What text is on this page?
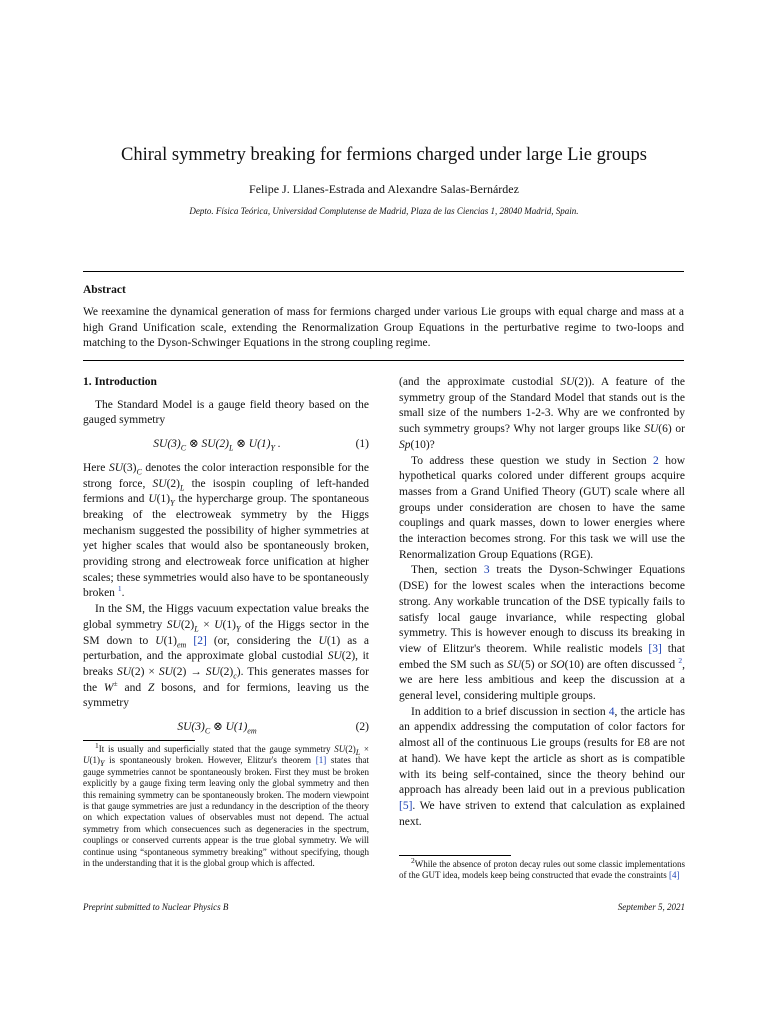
Chiral symmetry breaking for fermions charged under large Lie groups
Felipe J. Llanes-Estrada and Alexandre Salas-Bernárdez
Depto. Física Teórica, Universidad Complutense de Madrid, Plaza de las Ciencias 1, 28040 Madrid, Spain.
Abstract
We reexamine the dynamical generation of mass for fermions charged under various Lie groups with equal charge and mass at a high Grand Unification scale, extending the Renormalization Group Equations in the perturbative regime to two-loops and matching to the Dyson-Schwinger Equations in the strong coupling regime.

1. Introduction

The Standard Model is a gauge field theory based on the gauged symmetry

$SU(3)_C$ ⊗ $SU(2)_L$ ⊗ $U(1)_Y$ .	(1)

Here $SU(3)_C$ denotes the color interaction responsible for the strong force, $SU(2)_L$ the isospin coupling of left-handed fermions and $U(1)_Y$ the hypercharge group. The spontaneous breaking of the electroweak symmetry by the Higgs mechanism suggested the possibility of higher symmetries at yet higher scales that would also be spontaneously broken, providing strong and electroweak force unification at higher scales; these symmetries would also have to be spontaneously broken $^1$.

In the SM, the Higgs vacuum expectation value breaks the global symmetry $SU(2)_L \times U(1)_Y$ of the Higgs sector in the SM down to $U(1)_{em}$ [2] (or, considering the U(1) as a perturbation, and the approximate global custodial SU(2), it breaks $SU(2) \times SU(2) \to SU(2)_c$). This generates masses for the W± and Z bosons, and for fermions, leaving us the symmetry

$SU(3)_C$ ⊗ $U(1)_{em}$	(2)
$^1$It is usually and superficially stated that the gauge symmetry $SU(2)_L \times U(1)_Y$ is spontaneously broken. However, Elitzur's theorem [1] states that gauge symmetries cannot be spontaneously broken. First they must be broken explicitly by a gauge fixing term leaving only the global symmetry and then this remaining symmetry can be spontaneously broken. The modern viewpoint is that gauge symmetries are just a redundancy in the description of the theory on which expectation values of observables must not depend. The actual symmetry from which consecuences such as degeneracies in the spectrum, couplings or conserved currents appear is the true global symmetry. We will continue using “spontaneous symmetry breaking” without specifying, though in the understanding that it is the global group which is affected.

(and the approximate custodial SU(2)). A feature of the symmetry group of the Standard Model that stands out is the small size of the numbers 1-2-3. Why are we confronted by such symmetry groups? Why not larger groups like SU(6) or Sp(10)?

To address these question we study in Section 2 how hypothetical quarks colored under different groups acquire masses from a Grand Unified Theory (GUT) scale where all groups under consideration are chosen to have the same couplings and quark masses, down to lower energies where the interaction becomes strong. For this task we will use the Renormalization Group Equations (RGE).

Then, section 3 treats the Dyson-Schwinger Equations (DSE) for the lowest scales when the interactions become strong. Any workable truncation of the DSE typically fails to satisfy local gauge invariance, while respecting global symmetry. This is however enough to discuss its breaking in view of Elitzur's theorem. While realistic models [3] that embed the SM such as SU(5) or SO(10) are often discussed $^2$, we are here less ambitious and keep the discussion at a general level, considering multiple groups.

In addition to a brief discussion in section 4, the article has an appendix addressing the computation of color factors for almost all of the continuous Lie groups (results for E8 are not at hand). We have kept the article as short as is compatible with its being self-contained, since the theory behind our approach has already been laid out in a previous publication [5]. We have striven to extend that calculation as explained next.

$^2$While the absence of proton decay rules out some classic implementations of the GUT idea, models keep being constructed that evade the constraints [4]
Preprint submitted to Nuclear Physics B	September 5, 2021
